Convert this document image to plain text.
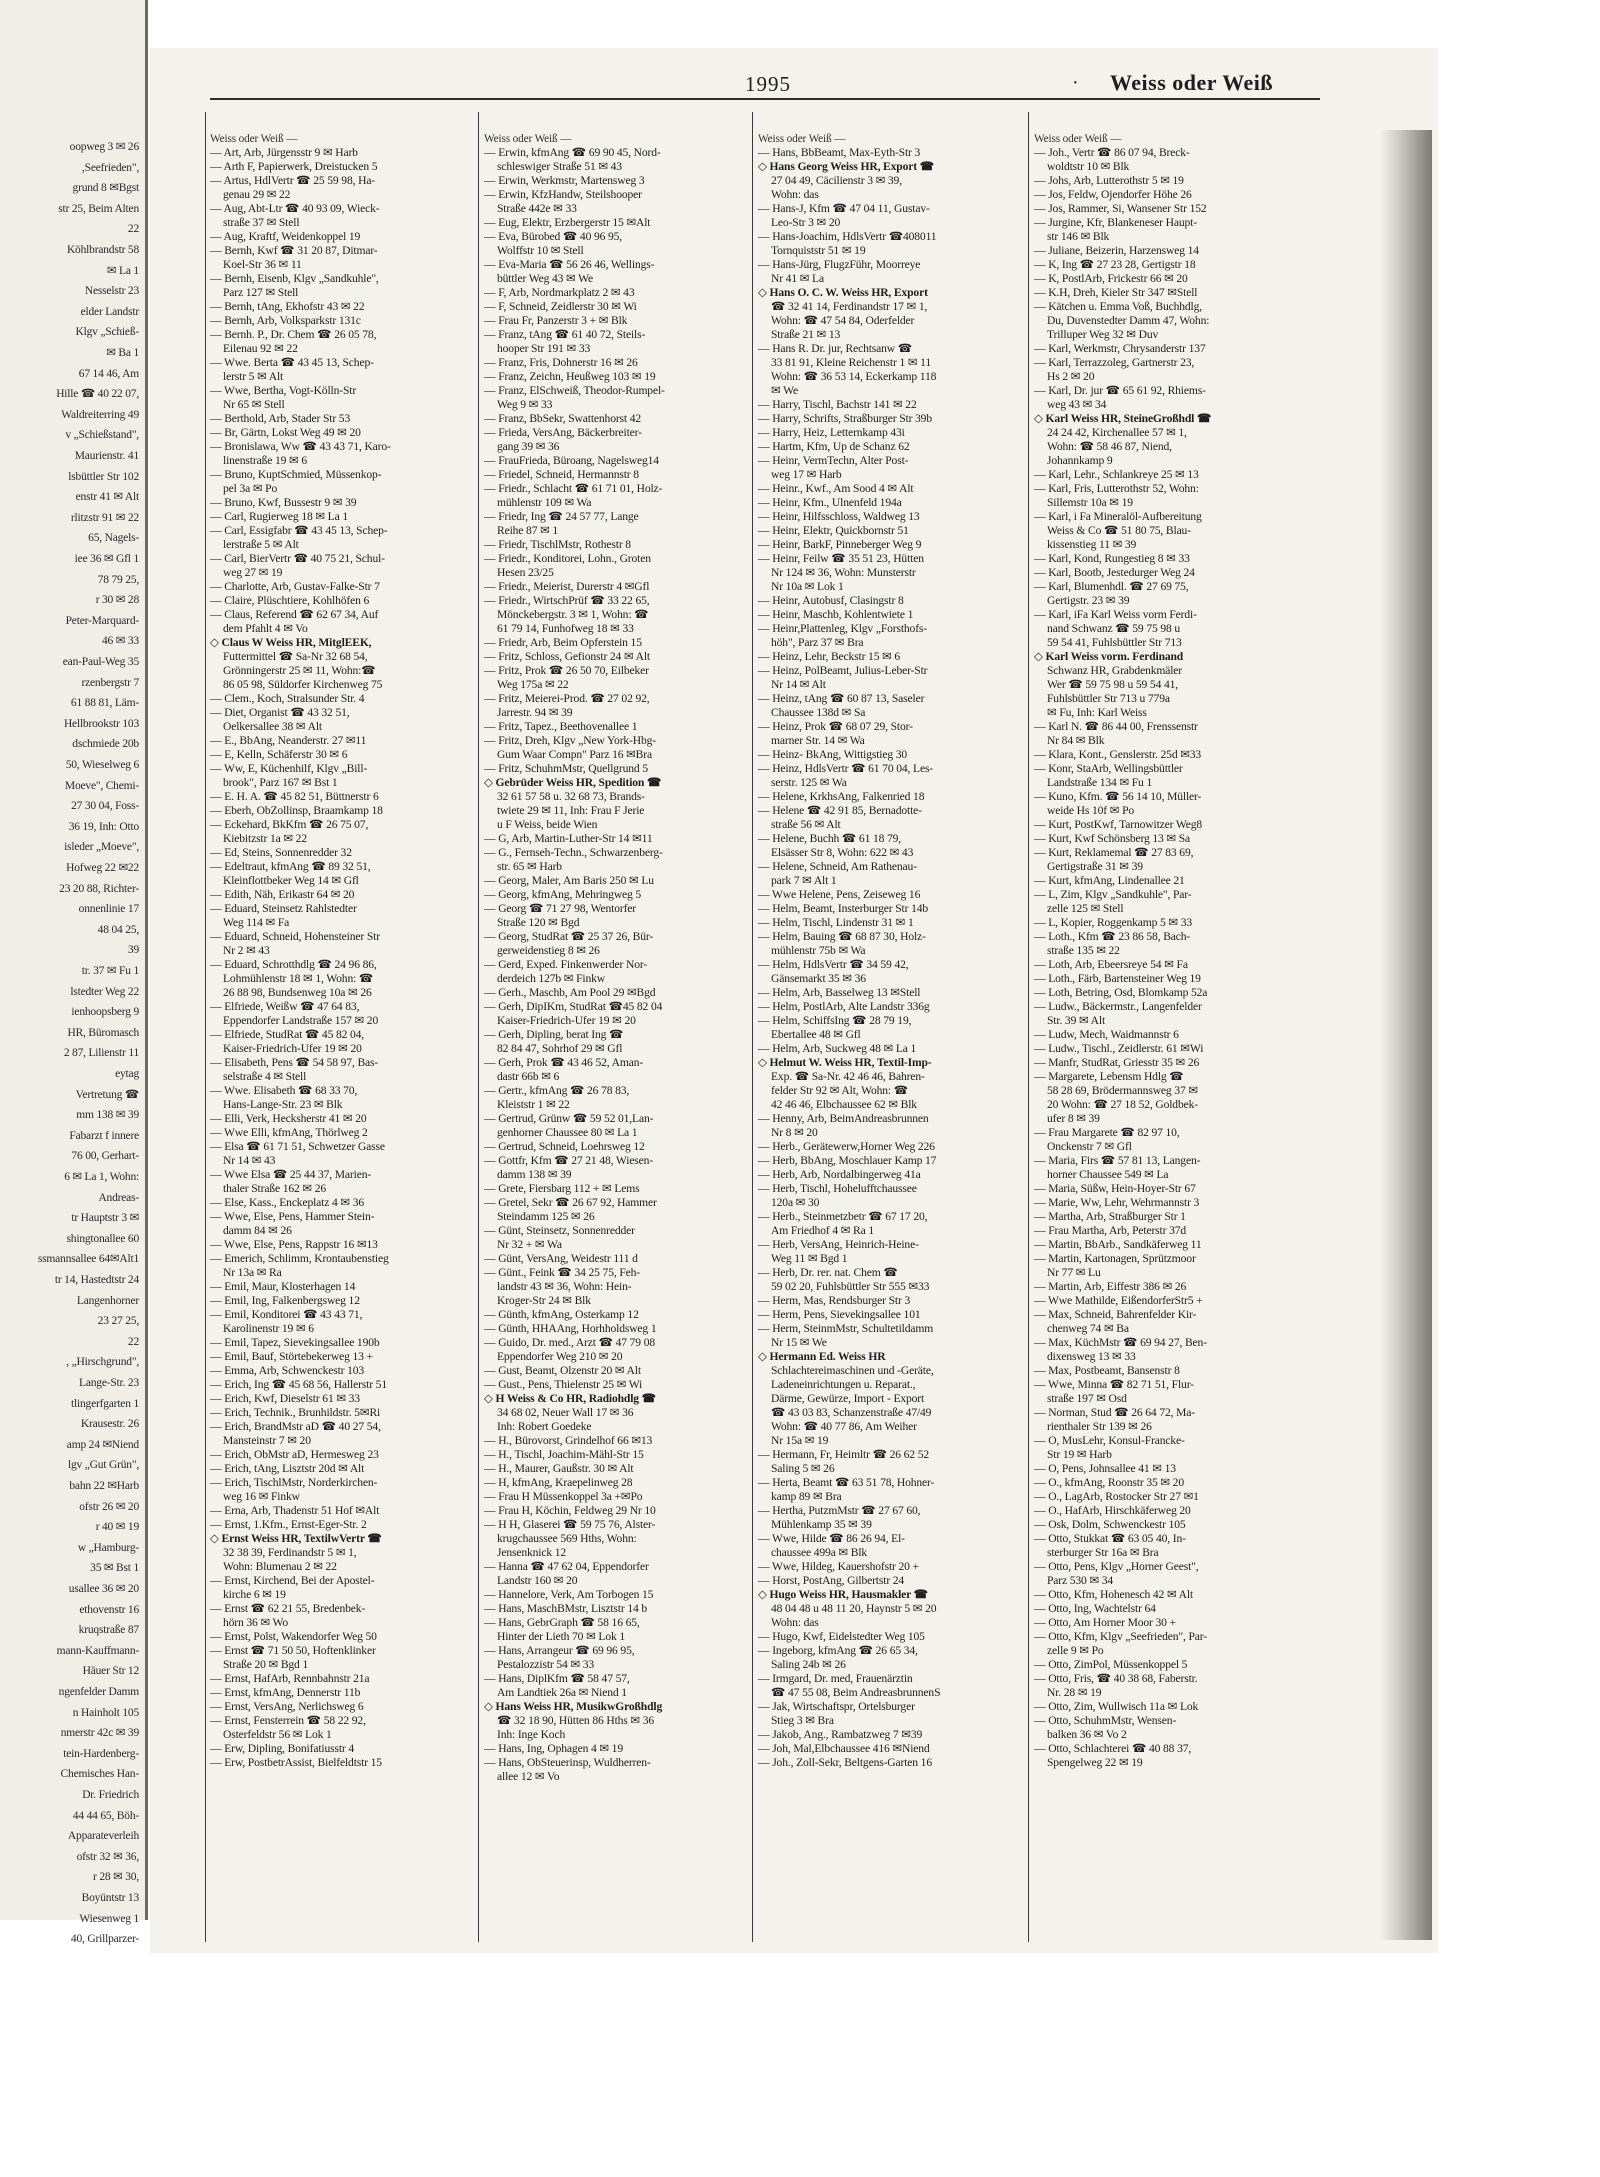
oopweg 3 ✉ 26
,Seefrieden",
grund 8 ✉Bgst
str 25, Beim Alten
22
Köhlbrandstr 58
✉ La 1
Nesselstr 23
elder Landstr
Klgv „Schieß-
✉ Ba 1
67 14 46, Am
Hille ☎ 40 22 07,
Waldreiterring 49
v „Schießstand",
Maurienstr. 41
lsbüttler Str 102
enstr 41 ✉ Alt
rlitzstr 91 ✉ 22
65, Nagels-
iee 36 ✉ Gfl 1
78 79 25,
r 30 ✉ 28
Peter-Marquard-
46 ✉ 33
ean-Paul-Weg 35
rzenbergstr 7
61 88 81, Läm-
Hellbrookstr 103
dschmiede 20b
50, Wieselweg 6
Moeve", Chemi-
27 30 04, Foss-
36 19, Inh: Otto
isleder „Moeve",
Hofweg 22 ✉22
23 20 88, Richter-
onnenlinie 17
48 04 25,
39
tr. 37 ✉ Fu 1
lstedter Weg 22
ienhoopsberg 9
HR, Büromasch
2 87, Lilienstr 11
eytag
Vertretung ☎
mm 138 ✉ 39
Fabarzt f innere
76 00, Gerhart-
6 ✉ La 1, Wohn:
Andreas-
tr Hauptstr 3 ✉
shingtonallee 60
ssmannsallee 64✉Alt1
tr 14, Hastedtstr 24
Langenhorner
23 27 25,
22
, „Hirschgrund",
Lange-Str. 23
tlingerfgarten 1
Krausestr. 26
amp 24 ✉Niend
lgv „Gut Grün",
bahn 22 ✉Harb
ofstr 26 ✉ 20
r 40 ✉ 19
w „Hamburg-
35 ✉ Bst 1
usallee 36 ✉ 20
ethovenstr 16
kruqstraße 87
mann-Kauffmann-
Häuer Str 12
ngenfelder Damm
n Hainholt 105
nmerstr 42c ✉ 39
tein-Hardenberg-
Chemisches Han-
Dr. Friedrich
44 44 65, Böh-
Apparateverleih
ofstr 32 ✉ 36,
r 28 ✉ 30,
Boyüntstr 13
Wiesenweg 1
40, Grillparzer-
1995	· Weiss oder Weiß
Weiss oder Weiß —
— Art, Arb, Jürgensstr 9 ✉ Harb
— Arth F, Papierwerk, Dreistucken 5
— Artus, HdlVertr ☎ 25 59 98, Ha-
genau 29 ✉ 22
— Aug, Abt-Ltr ☎ 40 93 09, Wieck-
straße 37 ✉ Stell
— Aug, Kraftf, Weidenkoppel 19
— Bernh, Kwf ☎ 31 20 87, Ditmar-
Koel-Str 36 ✉ 11
— Bernh, Eisenb, Klgv „Sandkuhle",
Parz 127 ✉ Stell
— Bernh, tAng, Ekhofstr 43 ✉ 22
— Bernh, Arb, Volksparkstr 131c
— Bernh. P., Dr. Chem ☎ 26 05 78,
Eilenau 92 ✉ 22
— Wwe. Berta ☎ 43 45 13, Schep-
lerstr 5 ✉ Alt
— Wwe, Bertha, Vogt-Kölln-Str
Nr 65 ✉ Stell
— Berthold, Arb, Stader Str 53
— Br, Gärtn, Lokst Weg 49 ✉ 20
— Bronislawa, Ww ☎ 43 43 71, Karo-
linenstraße 19 ✉ 6
— Bruno, KuptSchmied, Müssenkop-
pel 3a ✉ Po
— Bruno, Kwf, Bussestr 9 ✉ 39
— Carl, Rugierweg 18 ✉ La 1
— Carl, Essigfabr ☎ 43 45 13, Schep-
lerstraße 5 ✉ Alt
— Carl, BierVertr ☎ 40 75 21, Schul-
weg 27 ✉ 19
— Charlotte, Arb, Gustav-Falke-Str 7
— Claire, Plüschtiere, Kohlhöfen 6
— Claus, Referend ☎ 62 67 34, Auf
dem Pfahlt 4 ✉ Vo
◇ Claus W Weiss HR, MitglEEK,
Futtermittel ☎ Sa-Nr 32 68 54,
Grönningerstr 25 ✉ 11, Wohn:☎
86 05 98, Süldorfer Kirchenweg 75
— Clem., Koch, Stralsunder Str. 4
— Diet, Organist ☎ 43 32 51,
Oelkersallee 38 ✉ Alt
— E., BbAng, Neanderstr. 27 ✉11
— E, Kelln, Schäferstr 30 ✉ 6
— Ww, E, Küchenhilf, Klgv „Bill-
brook", Parz 167 ✉ Bst 1
— E. H. A. ☎ 45 82 51, Büttnerstr 6
— Eberh, ObZollinsp, Braamkamp 18
— Eckehard, BkKfm ☎ 26 75 07,
Kiebitzstr 1a ✉ 22
— Ed, Steins, Sonnenredder 32
— Edeltraut, kfmAng ☎ 89 32 51,
Kleinflottbeker Weg 14 ✉ Gfl
— Edith, Näh, Erikastr 64 ✉ 20
— Eduard, Steinsetz Rahlstedter
Weg 114 ✉ Fa
— Eduard, Schneid, Hohensteiner Str
Nr 2 ✉ 43
— Eduard, Schrotthdlg ☎ 24 96 86,
Lohmühlenstr 18 ✉ 1, Wohn: ☎
26 88 98, Bundsenweg 10a ✉ 26
— Elfriede, Weißw ☎ 47 64 83,
Eppendorfer Landstraße 157 ✉ 20
— Elfriede, StudRat ☎ 45 82 04,
Kaiser-Friedrich-Ufer 19 ✉ 20
— Elisabeth, Pens ☎ 54 58 97, Bas-
selstraße 4 ✉ Stell
— Wwe. Elisabeth ☎ 68 33 70,
Hans-Lange-Str. 23 ✉ Blk
— Elli, Verk, Hecksherstr 41 ✉ 20
— Wwe Elli, kfmAng, Thörlweg 2
— Elsa ☎ 61 71 51, Schwetzer Gasse
Nr 14 ✉ 43
— Wwe Elsa ☎ 25 44 37, Marien-
thaler Straße 162 ✉ 26
— Else, Kass., Enckeplatz 4 ✉ 36
— Wwe, Else, Pens, Hammer Stein-
damm 84 ✉ 26
— Wwe, Else, Pens, Rappstr 16 ✉13
— Emerich, Schlimm, Krontaubenstieg
Nr 13a ✉ Ra
— Emil, Maur, Klosterhagen 14
— Emil, Ing, Falkenbergsweg 12
— Emil, Konditorei ☎ 43 43 71,
Karolinenstr 19 ✉ 6
— Emil, Tapez, Sievekingsallee 190b
— Emil, Bauf, Störtebekerweg 13 +
— Emma, Arb, Schwenckestr 103
— Erich, Ing ☎ 45 68 56, Hallerstr 51
— Erich, Kwf, Dieselstr 61 ✉ 33
— Erich, Technik., Brunhildstr. 5✉Ri
— Erich, BrandMstr aD ☎ 40 27 54,
Mansteinstr 7 ✉ 20
— Erich, ObMstr aD, Hermesweg 23
— Erich, tAng, Lisztstr 20d ✉ Alt
— Erich, TischlMstr, Norderkirchen-
weg 16 ✉ Finkw
— Erna, Arb, Thadenstr 51 Hof ✉Alt
— Ernst, 1.Kfm., Ernst-Eger-Str. 2
◇ Ernst Weiss HR, TextilwVertr ☎
32 38 39, Ferdinandstr 5 ✉ 1,
Wohn: Blumenau 2 ✉ 22
— Ernst, Kirchend, Bei der Apostel-
kirche 6 ✉ 19
— Ernst ☎ 62 21 55, Bredenbek-
hörn 36 ✉ Wo
— Ernst, Polst, Wakendorfer Weg 50
— Ernst ☎ 71 50 50, Hoftenklinker
Straße 20 ✉ Bgd 1
— Ernst, HafArb, Rennbahnstr 21a
— Ernst, kfmAng, Dennerstr 11b
— Ernst, VersAng, Nerlichsweg 6
— Ernst, Fensterrein ☎ 58 22 92,
Osterfeldstr 56 ✉ Lok 1
— Erw, Dipling, Bonifatiusstr 4
— Erw, PostbetrAssist, Bielfeldtstr 15
Weiss oder Weiß —
— Erwin, kfmAng ☎ 69 90 45, Nord-
schleswiger Straße 51 ✉ 43
— Erwin, Werkmstr, Martensweg 3
— Erwin, KfzHandw, Steilshooper
Straße 442e ✉ 33
— Eug, Elektr, Erzbergerstr 15 ✉Alt
— Eva, Bürobed ☎ 40 96 95,
Wolffstr 10 ✉ Stell
— Eva-Maria ☎ 56 26 46, Wellings-
büttler Weg 43 ✉ We
— F, Arb, Nordmarkplatz 2 ✉ 43
— F, Schneid, Zeidlerstr 30 ✉ Wi
— Frau Fr, Panzerstr 3 + ✉ Blk
— Franz, tAng ☎ 61 40 72, Steils-
hooper Str 191 ✉ 33
— Franz, Fris, Dohnerstr 16 ✉ 26
— Franz, Zeichn, Heußweg 103 ✉ 19
— Franz, ElSchweiß, Theodor-Rumpel-
Weg 9 ✉ 33
— Franz, BbSekr, Swattenhorst 42
— Frieda, VersAng, Bäckerbreiter-
gang 39 ✉ 36
— FrauFrieda, Büroang, Nagelsweg14
— Friedel, Schneid, Hermannstr 8
— Friedr., Schlacht ☎ 61 71 01, Holz-
mühlenstr 109 ✉ Wa
— Friedr, Ing ☎ 24 57 77, Lange
Reihe 87 ✉ 1
— Friedr, TischlMstr, Rothestr 8
— Friedr., Konditorei, Lohn., Groten
Hesen 23/25
— Friedr., Meierist, Durerstr 4 ✉Gfl
— Friedr., WirtschPrüf ☎ 33 22 65,
Mönckebergstr. 3 ✉ 1, Wohn: ☎
61 79 14, Funhofweg 18 ✉ 33
— Friedr, Arb, Beim Opferstein 15
— Fritz, Schloss, Gefionstr 24 ✉ Alt
— Fritz, Prok ☎ 26 50 70, Eilbeker
Weg 175a ✉ 22
— Fritz, Meierei-Prod. ☎ 27 02 92,
Jarrestr. 94 ✉ 39
— Fritz, Tapez., Beethovenallee 1
— Fritz, Dreh, Klgv „New York-Hbg-
Gum Waar Compn" Parz 16 ✉Bra
— Fritz, SchuhmMstr, Quellgrund 5
◇ Gebrüder Weiss HR, Spedition ☎
32 61 57 58 u. 32 68 73, Brands-
twiete 29 ✉ 11, Inh: Frau F Jerie
u F Weiss, beide Wien
— G, Arb, Martin-Luther-Str 14 ✉11
— G., Fernseh-Techn., Schwarzenberg-
str. 65 ✉ Harb
— Georg, Maler, Am Baris 250 ✉ Lu
— Georg, kfmAng, Mehringweg 5
— Georg ☎ 71 27 98, Wentorfer
Straße 120 ✉ Bgd
— Georg, StudRat ☎ 25 37 26, Bür-
gerweidenstieg 8 ✉ 26
— Gerd, Exped. Finkenwerder Nor-
derdeich 127b ✉ Finkw
— Gerh., Maschb, Am Pool 29 ✉Bgd
— Gerh, DipIKm, StudRat ☎45 82 04
Kaiser-Friedrich-Ufer 19 ✉ 20
— Gerh, Dipling, berat Ing ☎
82 84 47, Sohrhof 29 ✉ Gfl
— Gerh, Prok ☎ 43 46 52, Aman-
dastr 66b ✉ 6
— Gertr., kfmAng ☎ 26 78 83,
Kleiststr 1 ✉ 22
— Gertrud, Grünw ☎ 59 52 01,Lan-
genhorner Chaussee 80 ✉ La 1
— Gertrud, Schneid, Loehrsweg 12
— Gottfr, Kfm ☎ 27 21 48, Wiesen-
damm 138 ✉ 39
— Grete, Fiersbarg 112 + ✉ Lems
— Gretel, Sekr ☎ 26 67 92, Hammer
Steindamm 125 ✉ 26
— Günt, Steinsetz, Sonnenredder
Nr 32 + ✉ Wa
— Günt, VersAng, Weidestr 111 d
— Günt., Feink ☎ 34 25 75, Feh-
landstr 43 ✉ 36, Wohn: Hein-
Kroger-Str 24 ✉ Blk
— Günth, kfmAng, Osterkamp 12
— Günth, HHAAng, Horhholdsweg 1
— Guido, Dr. med., Arzt ☎ 47 79 08
Eppendorfer Weg 210 ✉ 20
— Gust, Beamt, Olzenstr 20 ✉ Alt
— Gust., Pens, Thielenstr 25 ✉ Wi
◇ H Weiss & Co HR, Radiohdlg ☎
34 68 02, Neuer Wall 17 ✉ 36
Inh: Robert Goedeke
— H., Bürovorst, Grindelhof 66 ✉13
— H., Tischl, Joachim-Mähl-Str 15
— H., Maurer, Gaußstr. 30 ✉ Alt
— H, kfmAng, Kraepelinweg 28
— Frau H Müssenkoppel 3a +✉Po
— Frau H, Köchin, Feldweg 29 Nr 10
— H H, Glaserei ☎ 59 75 76, Alster-
krugchaussee 569 Hths, Wohn:
Jensenknick 12
— Hanna ☎ 47 62 04, Eppendorfer
Landstr 160 ✉ 20
— Hannelore, Verk, Am Torbogen 15
— Hans, MaschBMstr, Lisztstr 14 b
— Hans, GebrGraph ☎ 58 16 65,
Hinter der Lieth 70 ✉ Lok 1
— Hans, Arrangeur ☎ 69 96 95,
Pestalozzistr 54 ✉ 33
— Hans, DiplKfm ☎ 58 47 57,
Am Landtiek 26a ✉ Niend 1
◇ Hans Weiss HR, MusikwGroßhdlg
☎ 32 18 90, Hütten 86 Hths ✉ 36
Inh: Inge Koch
— Hans, Ing, Ophagen 4 ✉ 19
— Hans, ObSteuerinsp, Wuldherren-
allee 12 ✉ Vo
Weiss oder Weiß —
— Hans, BbBeamt, Max-Eyth-Str 3
◇ Hans Georg Weiss HR, Export ☎
27 04 49, Cäcilienstr 3 ✉ 39,
Wohn: das
— Hans-J, Kfm ☎ 47 04 11, Gustav-
Leo-Str 3 ✉ 20
— Hans-Joachim, HdlsVertr ☎408011
Tornquiststr 51 ✉ 19
— Hans-Jürg, FlugzFühr, Moorreye
Nr 41 ✉ La
◇ Hans O. C. W. Weiss HR, Export
☎ 32 41 14, Ferdinandstr 17 ✉ 1,
Wohn: ☎ 47 54 84, Oderfelder
Straße 21 ✉ 13
— Hans R. Dr. jur, Rechtsanw ☎
33 81 91, Kleine Reichenstr 1 ✉ 11
Wohn: ☎ 36 53 14, Eckerkamp 118
✉ We
— Harry, Tischl, Bachstr 141 ✉ 22
— Harry, Schrifts, Straßburger Str 39b
— Harry, Heiz, Letternkamp 43i
— Hartm, Kfm, Up de Schanz 62
— Heinr, VermTechn, Alter Post-
weg 17 ✉ Harb
— Heinr., Kwf., Am Sood 4 ✉ Alt
— Heinr, Kfm., Ulnenfeld 194a
— Heinr, Hilfsschloss, Waldweg 13
— Heinr, Elektr, Quickbornstr 51
— Heinr, BarkF, Pinneberger Weg 9
— Heinr, Feilw ☎ 35 51 23, Hütten
Nr 124 ✉ 36, Wohn: Munsterstr
Nr 10a ✉ Lok 1
— Heinr, Autobusf, Clasingstr 8
— Heinr, Maschb, Kohlentwiete 1
— Heinr,Plattenleg, Klgv „Forsthofs-
höh", Parz 37 ✉ Bra
— Heinz, Lehr, Beckstr 15 ✉ 6
— Heinz, PolBeamt, Julius-Leber-Str
Nr 14 ✉ Alt
— Heinz, tAng ☎ 60 87 13, Saseler
Chaussee 138d ✉ Sa
— Heinz, Prok ☎ 68 07 29, Stor-
marner Str. 14 ✉ Wa
— Heinz- BkAng, Wittigstieg 30
— Heinz, HdlsVertr ☎ 61 70 04, Les-
serstr. 125 ✉ Wa
— Helene, KrkhsAng, Falkenried 18
— Helene ☎ 42 91 85, Bernadotte-
straße 56 ✉ Alt
— Helene, Buchh ☎ 61 18 79,
Elsässer Str 8, Wohn: 622 ✉ 43
— Helene, Schneid, Am Rathenau-
park 7 ✉ Alt 1
— Wwe Helene, Pens, Zeiseweg 16
— Helm, Beamt, Insterburger Str 14b
— Helm, Tischl, Lindenstr 31 ✉ 1
— Helm, Bauing ☎ 68 87 30, Holz-
mühlenstr 75b ✉ Wa
— Helm, HdlsVertr ☎ 34 59 42,
Gänsemarkt 35 ✉ 36
— Helm, Arb, Basselweg 13 ✉Stell
— Helm, PostlArb, Alte Landstr 336g
— Helm, SchiffsIng ☎ 28 79 19,
Ebertallee 48 ✉ Gfl
— Helm, Arb, Suckweg 48 ✉ La 1
◇ Helmut W. Weiss HR, Textil-Imp-
Exp. ☎ Sa-Nr. 42 46 46, Bahren-
felder Str 92 ✉ Alt, Wohn: ☎
42 46 46, Elbchaussee 62 ✉ Blk
— Henny, Arb, BeimAndreasbrunnen
Nr 8 ✉ 20
— Herb., Gerätewerw,Horner Weg 226
— Herb, BbAng, Moschlauer Kamp 17
— Herb, Arb, Nordalbingerweg 41a
— Herb, Tischl, Hohelufftchaussee
120a ✉ 30
— Herb., Steinmetzbetr ☎ 67 17 20,
Am Friedhof 4 ✉ Ra 1
— Herb, VersAng, Heinrich-Heine-
Weg 11 ✉ Bgd 1
— Herb, Dr. rer. nat. Chem ☎
59 02 20, Fuhlsbüttler Str 555 ✉33
— Herm, Mas, Rendsburger Str 3
— Herm, Pens, Sievekingsallee 101
— Herm, SteinmMstr, Schultetildamm
Nr 15 ✉ We
◇ Hermann Ed. Weiss HR
Schlachtereimaschinen und -Geräte,
Ladeneinrichtungen u. Reparat.,
Därme, Gewürze, Import - Export
☎ 43 03 83, Schanzenstraße 47/49
Wohn: ☎ 40 77 86, Am Weiher
Nr 15a ✉ 19
— Hermann, Fr, Heimltr ☎ 26 62 52
Saling 5 ✉ 26
— Herta, Beamt ☎ 63 51 78, Hohner-
kamp 89 ✉ Bra
— Hertha, PutzmMstr ☎ 27 67 60,
Mühlenkamp 35 ✉ 39
— Wwe, Hilde ☎ 86 26 94, El-
chaussee 499a ✉ Blk
— Wwe, Hildeg, Kauershofstr 20 +
— Horst, PostAng, Gilbertstr 24
◇ Hugo Weiss HR, Hausmakler ☎
48 04 48 u 48 11 20, Haynstr 5 ✉ 20
Wohn: das
— Hugo, Kwf, Eidelstedter Weg 105
— Ingeborg, kfmAng ☎ 26 65 34,
Saling 24b ✉ 26
— Irmgard, Dr. med, Frauenärztin
☎ 47 55 08, Beim AndreasbrunnenS
— Jak, Wirtschaftspr, Ortelsburger
Stieg 3 ✉ Bra
— Jakob, Ang., Rambatzweg 7 ✉39
— Joh, Mal,Elbchaussee 416 ✉Niend
— Joh., Zoll-Sekr, Beltgens-Garten 16
Weiss oder Weiß —
— Joh., Vertr ☎ 86 07 94, Breck-
woldtstr 10 ✉ Blk
— Johs, Arb, Lutterothstr 5 ✉ 19
— Jos, Feldw, Ojendorfer Höhe 26
— Jos, Rammer, Si, Wansener Str 152
— Jurgine, Kfr, Blankeneser Haupt-
str 146 ✉ Blk
— Juliane, Beizerin, Harzensweg 14
— K, Ing ☎ 27 23 28, Gertigstr 18
— K, PostlArb, Frickestr 66 ✉ 20
— K.H, Dreh, Kieler Str 347 ✉Stell
— Kätchen u. Emma Voß, Buchhdlg,
Du, Duvenstedter Damm 47, Wohn:
Trilluper Weg 32 ✉ Duv
— Karl, Werkmstr, Chrysanderstr 137
— Karl, Terrazzoleg, Gartnerstr 23,
Hs 2 ✉ 20
— Karl, Dr. jur ☎ 65 61 92, Rhiems-
weg 43 ✉ 34
◇ Karl Weiss HR, SteineGroßhdl ☎
24 24 42, Kirchenallee 57 ✉ 1,
Wohn: ☎ 58 46 87, Niend,
Johannkamp 9
— Karl, Lehr., Schlankreye 25 ✉ 13
— Karl, Fris, Lutterothstr 52, Wohn:
Sillemstr 10a ✉ 19
— Karl, i Fa Mineralöl-Aufbereitung
Weiss & Co ☎ 51 80 75, Blau-
kissenstieg 11 ✉ 39
— Karl, Kond, Rungestieg 8 ✉ 33
— Karl, Bootb, Jestedurger Weg 24
— Karl, Blumenhdl. ☎ 27 69 75,
Gertigstr. 23 ✉ 39
— Karl, iFa Karl Weiss vorm Ferdi-
nand Schwanz ☎ 59 75 98 u
59 54 41, Fuhlsbüttler Str 713
◇ Karl Weiss vorm. Ferdinand
Schwanz HR, Grabdenkmäler
Wer ☎ 59 75 98 u 59 54 41,
Fuhlsbüttler Str 713 u 779a
✉ Fu, Inh: Karl Weiss
— Karl N. ☎ 86 44 00, Frenssenstr
Nr 84 ✉ Blk
— Klara, Kont., Genslerstr. 25d ✉33
— Konr, StaArb, Wellingsbüttler
Landstraße 134 ✉ Fu 1
— Kuno, Kfm. ☎ 56 14 10, Müller-
weide Hs 10f ✉ Po
— Kurt, PostKwf, Tarnowitzer Weg8
— Kurt, Kwf Schönsberg 13 ✉ Sa
— Kurt, Reklamemal ☎ 27 83 69,
Gertigstraße 31 ✉ 39
— Kurt, kfmAng, Lindenallee 21
— L, Zim, Klgv „Sandkuhle", Par-
zelle 125 ✉ Stell
— L, Kopier, Roggenkamp 5 ✉ 33
— Loth., Kfm ☎ 23 86 58, Bach-
straße 135 ✉ 22
— Loth, Arb, Ebeersreye 54 ✉ Fa
— Loth., Färb, Bartensteiner Weg 19
— Loth, Betring, Osd, Blomkamp 52a
— Ludw., Bäckermstr., Langenfelder
Str. 39 ✉ Alt
— Ludw, Mech, Waidmannstr 6
— Ludw., Tischl., Zeidlerstr. 61 ✉Wi
— Manfr, StudRat, Griesstr 35 ✉ 26
— Margarete, Lebensm Hdlg ☎
58 28 69, Brödermannsweg 37 ✉
20 Wohn: ☎ 27 18 52, Goldbek-
ufer 8 ✉ 39
— Frau Margarete ☎ 82 97 10,
Onckenstr 7 ✉ Gfl
— Maria, Firs ☎ 57 81 13, Langen-
horner Chaussee 549 ✉ La
— Maria, Süßw, Hein-Hoyer-Str 67
— Marie, Ww, Lehr, Wehrmannstr 3
— Martha, Arb, Straßburger Str 1
— Frau Martha, Arb, Peterstr 37d
— Martin, BbArb., Sandkäferweg 11
— Martin, Kartonagen, Sprützmoor
Nr 77 ✉ Lu
— Martin, Arb, Eiffestr 386 ✉ 26
— Wwe Mathilde, EißendorferStr5 +
— Max, Schneid, Bahrenfelder Kir-
chenweg 74 ✉ Ba
— Max, KüchMstr ☎ 69 94 27, Ben-
dixensweg 13 ✉ 33
— Max, Postbeamt, Bansenstr 8
— Wwe, Minna ☎ 82 71 51, Flur-
straße 197 ✉ Osd
— Norman, Stud ☎ 26 64 72, Ma-
rienthaler Str 139 ✉ 26
— O, MusLehr, Konsul-Francke-
Str 19 ✉ Harb
— O, Pens, Johnsallee 41 ✉ 13
— O., kfmAng, Roonstr 35 ✉ 20
— O., LagArb, Rostocker Str 27 ✉1
— O., HafArb, Hirschkäferweg 20
— Osk, Dolm, Schwenckestr 105
— Otto, Stukkat ☎ 63 05 40, In-
sterburger Str 16a ✉ Bra
— Otto, Pens, Klgv „Horner Geest",
Parz 530 ✉ 34
— Otto, Kfm, Hohenesch 42 ✉ Alt
— Otto, Ing, Wachtelstr 64
— Otto, Am Horner Moor 30 +
— Otto, Kfm, Klgv „Seefrieden", Par-
zelle 9 ✉ Po
— Otto, ZimPol, Müssenkoppel 5
— Otto, Fris, ☎ 40 38 68, Faberstr.
Nr. 28 ✉ 19
— Otto, Zim, Wullwisch 11a ✉ Lok
— Otto, SchuhmMstr, Wensen-
balken 36 ✉ Vo 2
— Otto, Schlachterei ☎ 40 88 37,
Spengelweg 22 ✉ 19
